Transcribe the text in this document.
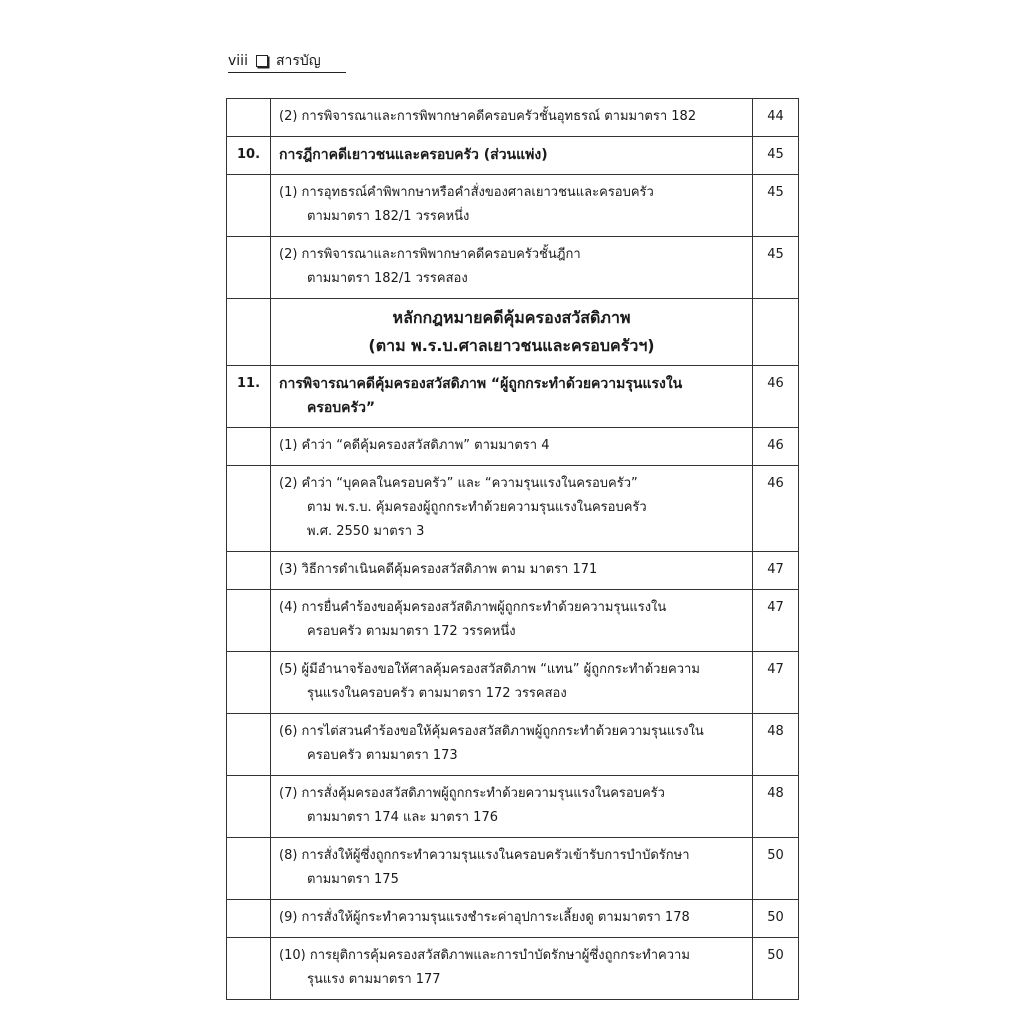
viii สารบัญ

	(2) การพิจารณาและการพิพากษาคดีครอบครัวชั้นอุทธรณ์ ตามมาตรา 182	44
10.	การฎีกาคดีเยาวชนและครอบครัว (ส่วนแพ่ง)	45

	(1) การอุทธรณ์คำพิพากษาหรือคำสั่งของศาลเยาวชนและครอบครัว
ตามมาตรา 182/1 วรรคหนึ่ง	45

	(2) การพิจารณาและการพิพากษาคดีครอบครัวชั้นฎีกา
ตามมาตรา 182/1 วรรคสอง	45

	หลักกฎหมายคดีคุ้มครองสวัสดิภาพ
(ตาม พ.ร.บ.ศาลเยาวชนและครอบครัวฯ)	

11.	การพิจารณาคดีคุ้มครองสวัสดิภาพ “ผู้ถูกกระทำด้วยความรุนแรงใน
ครอบครัว”	46

	(1) คำว่า “คดีคุ้มครองสวัสดิภาพ” ตามมาตรา 4	46

	(2) คำว่า “บุคคลในครอบครัว” และ “ความรุนแรงในครอบครัว”
ตาม พ.ร.บ. คุ้มครองผู้ถูกกระทำด้วยความรุนแรงในครอบครัว
พ.ศ. 2550 มาตรา 3	46

	(3) วิธีการดำเนินคดีคุ้มครองสวัสดิภาพ ตาม มาตรา 171	47

	(4) การยื่นคำร้องขอคุ้มครองสวัสดิภาพผู้ถูกกระทำด้วยความรุนแรงใน
ครอบครัว ตามมาตรา 172 วรรคหนึ่ง	47

	(5) ผู้มีอำนาจร้องขอให้ศาลคุ้มครองสวัสดิภาพ “แทน” ผู้ถูกกระทำด้วยความ
รุนแรงในครอบครัว ตามมาตรา 172 วรรคสอง	47

	(6) การไต่สวนคำร้องขอให้คุ้มครองสวัสดิภาพผู้ถูกกระทำด้วยความรุนแรงใน
ครอบครัว ตามมาตรา 173	48

	(7) การสั่งคุ้มครองสวัสดิภาพผู้ถูกกระทำด้วยความรุนแรงในครอบครัว
ตามมาตรา 174 และ มาตรา 176	48

	(8) การสั่งให้ผู้ซึ่งถูกกระทำความรุนแรงในครอบครัวเข้ารับการบำบัดรักษา
ตามมาตรา 175	50

	(9) การสั่งให้ผู้กระทำความรุนแรงชำระค่าอุปการะเลี้ยงดู ตามมาตรา 178	50

	(10) การยุติการคุ้มครองสวัสดิภาพและการบำบัดรักษาผู้ซึ่งถูกกระทำความ
รุนแรง ตามมาตรา 177	50
